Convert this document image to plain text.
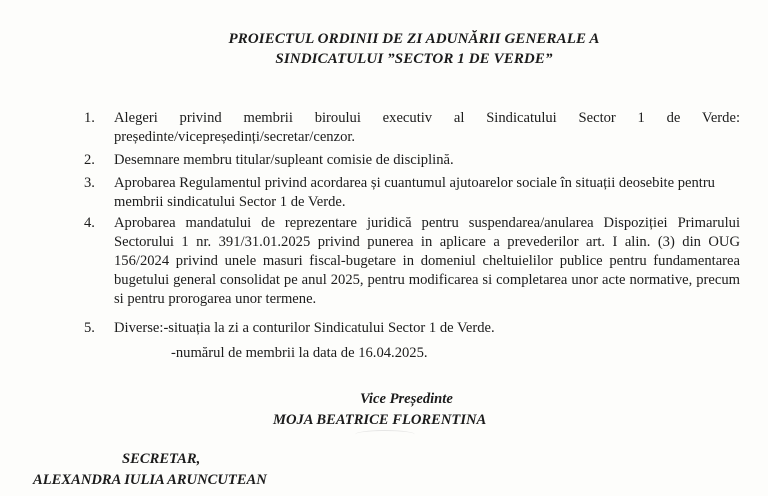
PROIECTUL ORDINII DE ZI ADUNĂRII GENERALE A
SINDICATULUI ”SECTOR 1 DE VERDE”
1.	Alegeri privind membrii biroului executiv al Sindicatului Sector 1 de Verde: președinte/vicepreședinți/secretar/cenzor.
2.	Desemnare membru titular/supleant comisie de disciplină.
3.	Aprobarea Regulamentul privind acordarea și cuantumul ajutoarelor sociale în situații deosebite pentru membrii sindicatului Sector 1 de Verde.
4.	Aprobarea mandatului de reprezentare juridică pentru suspendarea/anularea Dispoziției Primarului Sectorului 1 nr. 391/31.01.2025 privind punerea in aplicare a prevederilor art. I alin. (3) din OUG 156/2024 privind unele masuri fiscal-bugetare in domeniul cheltuielilor publice pentru fundamentarea bugetului general consolidat pe anul 2025, pentru modificarea si completarea unor acte normative, precum si pentru prorogarea unor termene.
5.	Diverse:-situația la zi a conturilor Sindicatului Sector 1 de Verde.
-numărul de membrii la data de 16.04.2025.
Vice Președinte
MOJA BEATRICE FLORENTINA
SECRETAR,
ALEXANDRA IULIA ARUNCUTEAN
